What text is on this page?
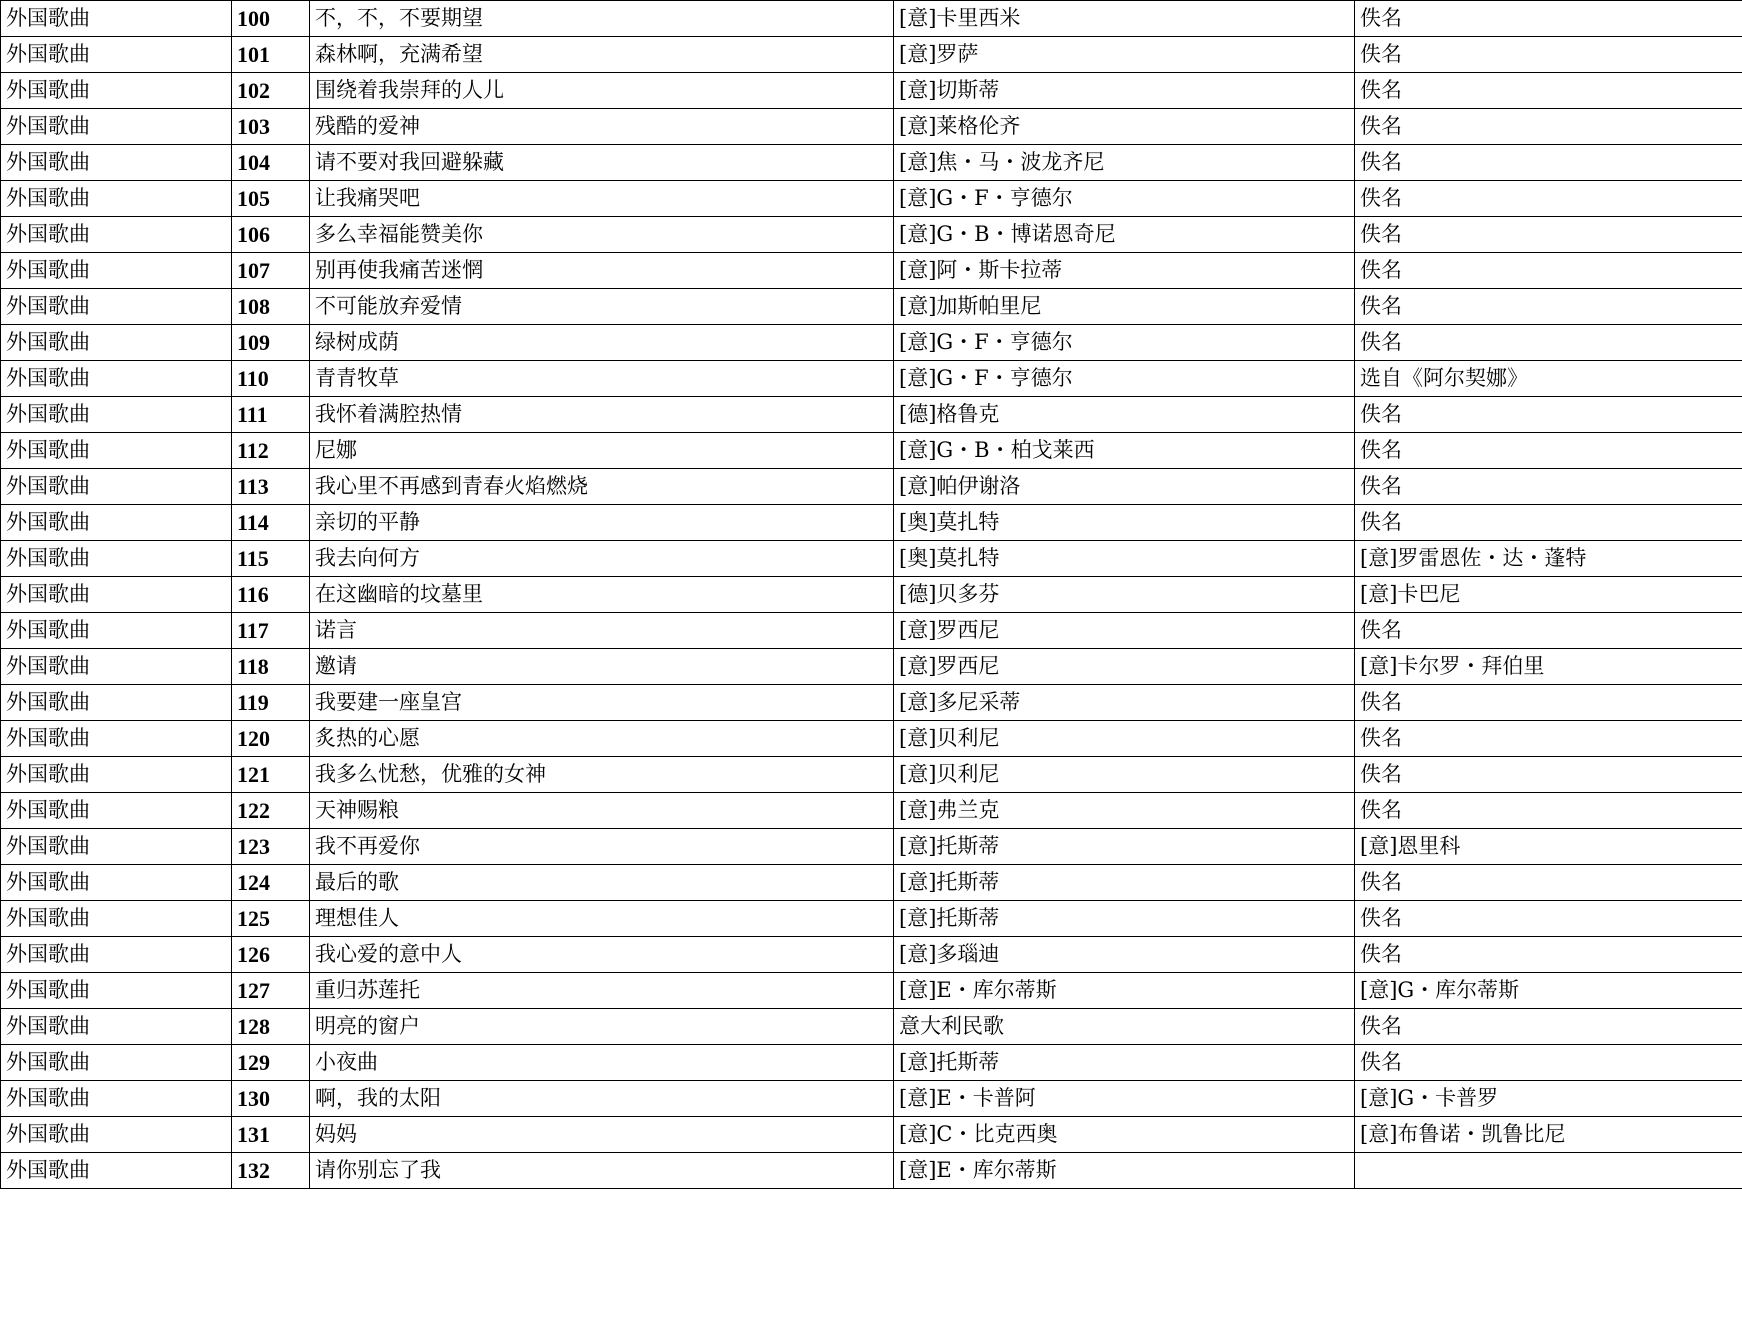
外国歌曲	100	不，不，不要期望	[意]卡里西米	佚名
外国歌曲	101	森林啊，充满希望	[意]罗萨	佚名
外国歌曲	102	围绕着我崇拜的人儿	[意]切斯蒂	佚名
外国歌曲	103	残酷的爱神	[意]莱格伦齐	佚名
外国歌曲	104	请不要对我回避躲藏	[意]焦・马・波龙齐尼	佚名
外国歌曲	105	让我痛哭吧	[意]G・F・亨德尔	佚名
外国歌曲	106	多么幸福能赞美你	[意]G・B・博诺恩奇尼	佚名
外国歌曲	107	别再使我痛苦迷惘	[意]阿・斯卡拉蒂	佚名
外国歌曲	108	不可能放弃爱情	[意]加斯帕里尼	佚名
外国歌曲	109	绿树成荫	[意]G・F・亨德尔	佚名
外国歌曲	110	青青牧草	[意]G・F・亨德尔	选自《阿尔契娜》
外国歌曲	111	我怀着满腔热情	[德]格鲁克	佚名
外国歌曲	112	尼娜	[意]G・B・柏戈莱西	佚名
外国歌曲	113	我心里不再感到青春火焰燃烧	[意]帕伊谢洛	佚名
外国歌曲	114	亲切的平静	[奥]莫扎特	佚名
外国歌曲	115	我去向何方	[奥]莫扎特	[意]罗雷恩佐・达・蓬特
外国歌曲	116	在这幽暗的坟墓里	[德]贝多芬	[意]卡巴尼
外国歌曲	117	诺言	[意]罗西尼	佚名
外国歌曲	118	邀请	[意]罗西尼	[意]卡尔罗・拜伯里
外国歌曲	119	我要建一座皇宫	[意]多尼采蒂	佚名
外国歌曲	120	炙热的心愿	[意]贝利尼	佚名
外国歌曲	121	我多么忧愁，优雅的女神	[意]贝利尼	佚名
外国歌曲	122	天神赐粮	[意]弗兰克	佚名
外国歌曲	123	我不再爱你	[意]托斯蒂	[意]恩里科
外国歌曲	124	最后的歌	[意]托斯蒂	佚名
外国歌曲	125	理想佳人	[意]托斯蒂	佚名
外国歌曲	126	我心爱的意中人	[意]多瑙迪	佚名
外国歌曲	127	重归苏莲托	[意]E・库尔蒂斯	[意]G・库尔蒂斯
外国歌曲	128	明亮的窗户	意大利民歌	佚名
外国歌曲	129	小夜曲	[意]托斯蒂	佚名
外国歌曲	130	啊，我的太阳	[意]E・卡普阿	[意]G・卡普罗
外国歌曲	131	妈妈	[意]C・比克西奥	[意]布鲁诺・凯鲁比尼
外国歌曲	132	请你别忘了我	[意]E・库尔蒂斯	
